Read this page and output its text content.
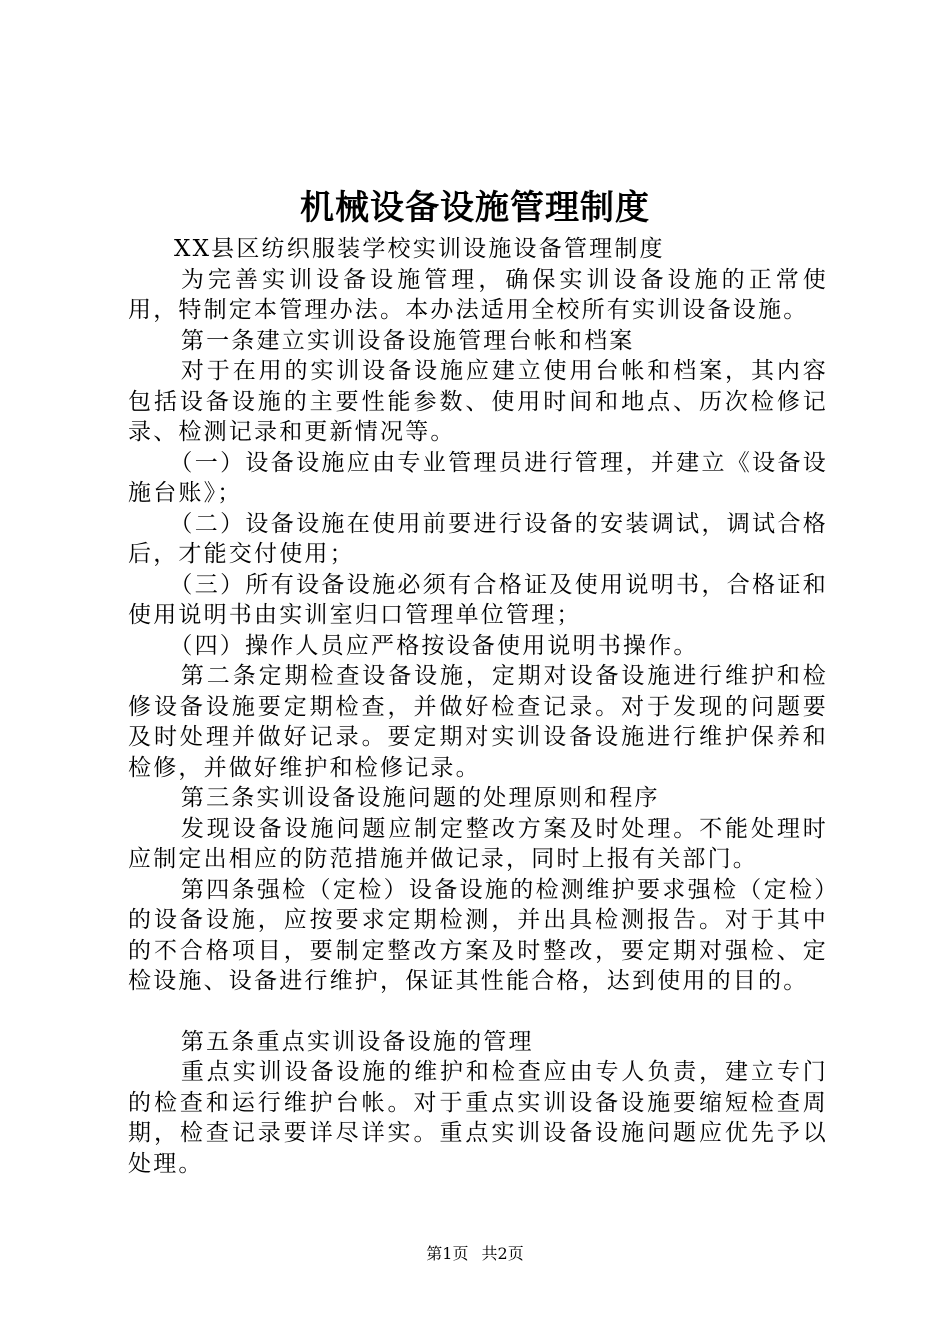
机械设备设施管理制度

XX县区纺织服装学校实训设施设备管理制度

为完善实训设备设施管理，确保实训设备设施的正常使用，特制定本管理办法。本办法适用全校所有实训设备设施。

第一条建立实训设备设施管理台帐和档案

对于在用的实训设备设施应建立使用台帐和档案，其内容包括设备设施的主要性能参数、使用时间和地点、历次检修记录、检测记录和更新情况等。

（一）设备设施应由专业管理员进行管理，并建立《设备设施台账》；

（二）设备设施在使用前要进行设备的安装调试，调试合格后，才能交付使用；

（三）所有设备设施必须有合格证及使用说明书，合格证和使用说明书由实训室归口管理单位管理；

（四）操作人员应严格按设备使用说明书操作。

第二条定期检查设备设施，定期对设备设施进行维护和检修设备设施要定期检查，并做好检查记录。对于发现的问题要及时处理并做好记录。要定期对实训设备设施进行维护保养和检修，并做好维护和检修记录。

第三条实训设备设施问题的处理原则和程序

发现设备设施问题应制定整改方案及时处理。不能处理时应制定出相应的防范措施并做记录，同时上报有关部门。

第四条强检（定检）设备设施的检测维护要求强检（定检）的设备设施，应按要求定期检测，并出具检测报告。对于其中的不合格项目，要制定整改方案及时整改，要定期对强检、定检设施、设备进行维护，保证其性能合格，达到使用的目的。

第五条重点实训设备设施的管理

重点实训设备设施的维护和检查应由专人负责，建立专门的检查和运行维护台帐。对于重点实训设备设施要缩短检查周期，检查记录要详尽详实。重点实训设备设施问题应优先予以处理。

第1页 共2页
